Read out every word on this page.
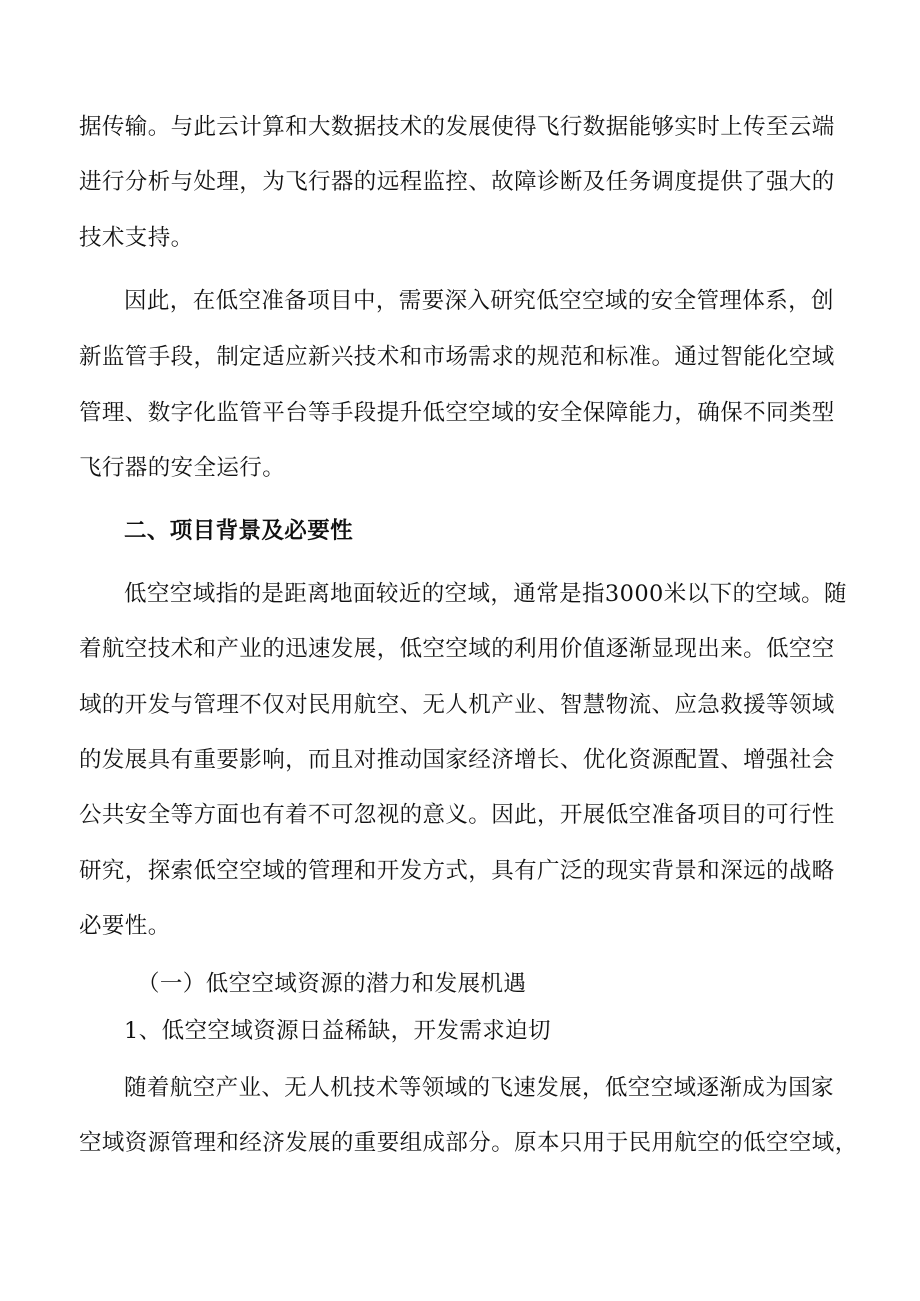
据传输。与此云计算和大数据技术的发展使得飞行数据能够实时上传至云端
进行分析与处理，为飞行器的远程监控、故障诊断及任务调度提供了强大的
技术支持。
因此，在低空准备项目中，需要深入研究低空空域的安全管理体系，创
新监管手段，制定适应新兴技术和市场需求的规范和标准。通过智能化空域
管理、数字化监管平台等手段提升低空空域的安全保障能力，确保不同类型
飞行器的安全运行。
二、项目背景及必要性
低空空域指的是距离地面较近的空域，通常是指3000米以下的空域。随
着航空技术和产业的迅速发展，低空空域的利用价值逐渐显现出来。低空空
域的开发与管理不仅对民用航空、无人机产业、智慧物流、应急救援等领域
的发展具有重要影响，而且对推动国家经济增长、优化资源配置、增强社会
公共安全等方面也有着不可忽视的意义。因此，开展低空准备项目的可行性
研究，探索低空空域的管理和开发方式，具有广泛的现实背景和深远的战略
必要性。
（一）低空空域资源的潜力和发展机遇
1、低空空域资源日益稀缺，开发需求迫切
随着航空产业、无人机技术等领域的飞速发展，低空空域逐渐成为国家
空域资源管理和经济发展的重要组成部分。原本只用于民用航空的低空空域，
